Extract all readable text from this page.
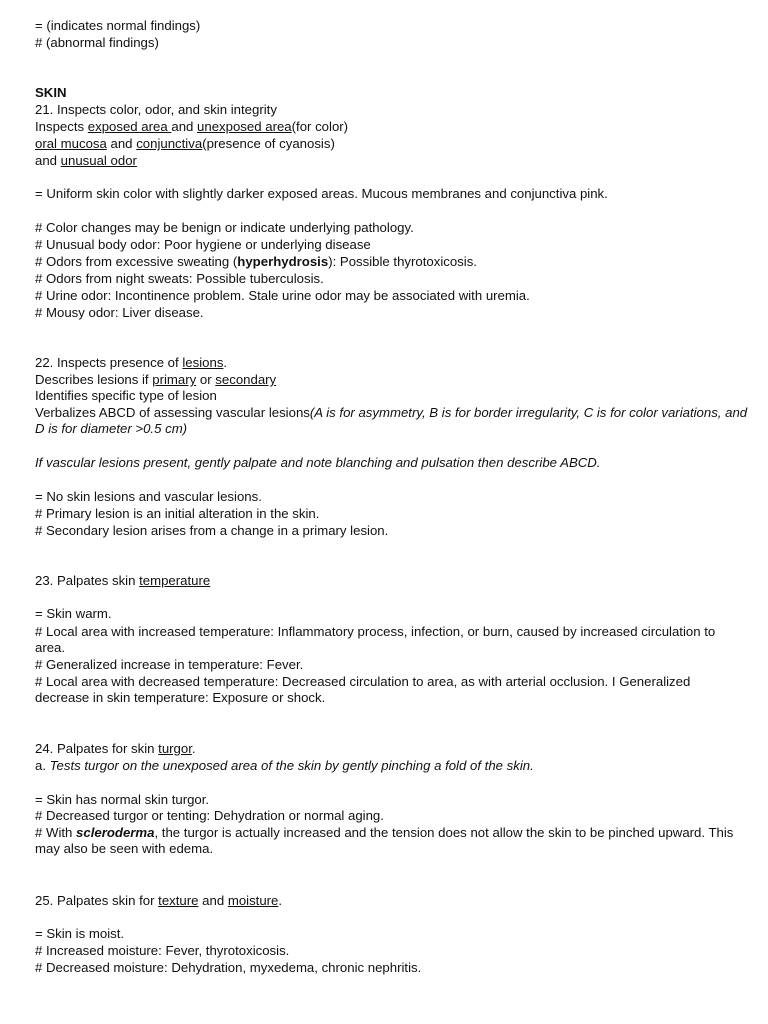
= (indicates normal findings)
# (abnormal findings)
SKIN
21. Inspects color, odor, and skin integrity
Inspects exposed area and unexposed area(for color)
oral mucosa and conjunctiva(presence of cyanosis)
and unusual odor
= Uniform skin color with slightly darker exposed areas. Mucous membranes and conjunctiva pink.
# Color changes may be benign or indicate underlying pathology.
# Unusual body odor: Poor hygiene or underlying disease
# Odors from excessive sweating (hyperhydrosis): Possible thyrotoxicosis.
# Odors from night sweats: Possible tuberculosis.
# Urine odor: Incontinence problem. Stale urine odor may be associated with uremia.
# Mousy odor: Liver disease.
22. Inspects presence of lesions.
Describes lesions if primary or secondary
Identifies specific type of lesion
Verbalizes ABCD of assessing vascular lesions(A is for asymmetry, B is for border irregularity, C is for color variations, and D is for diameter >0.5 cm)
If vascular lesions present, gently palpate and note blanching and pulsation then describe ABCD.
= No skin lesions and vascular lesions.
# Primary lesion is an initial alteration in the skin.
# Secondary lesion arises from a change in a primary lesion.
23. Palpates skin temperature
= Skin warm.
# Local area with increased temperature: Inflammatory process, infection, or burn, caused by increased circulation to area.
# Generalized increase in temperature: Fever.
# Local area with decreased temperature: Decreased circulation to area, as with arterial occlusion. I Generalized decrease in skin temperature: Exposure or shock.
24. Palpates for skin turgor.
a. Tests turgor on the unexposed area of the skin by gently pinching a fold of the skin.
= Skin has normal skin turgor.
# Decreased turgor or tenting: Dehydration or normal aging.
# With scleroderma, the turgor is actually increased and the tension does not allow the skin to be pinched upward. This may also be seen with edema.
25. Palpates skin for texture and moisture.
= Skin is moist.
# Increased moisture: Fever, thyrotoxicosis.
# Decreased moisture: Dehydration, myxedema, chronic nephritis.
